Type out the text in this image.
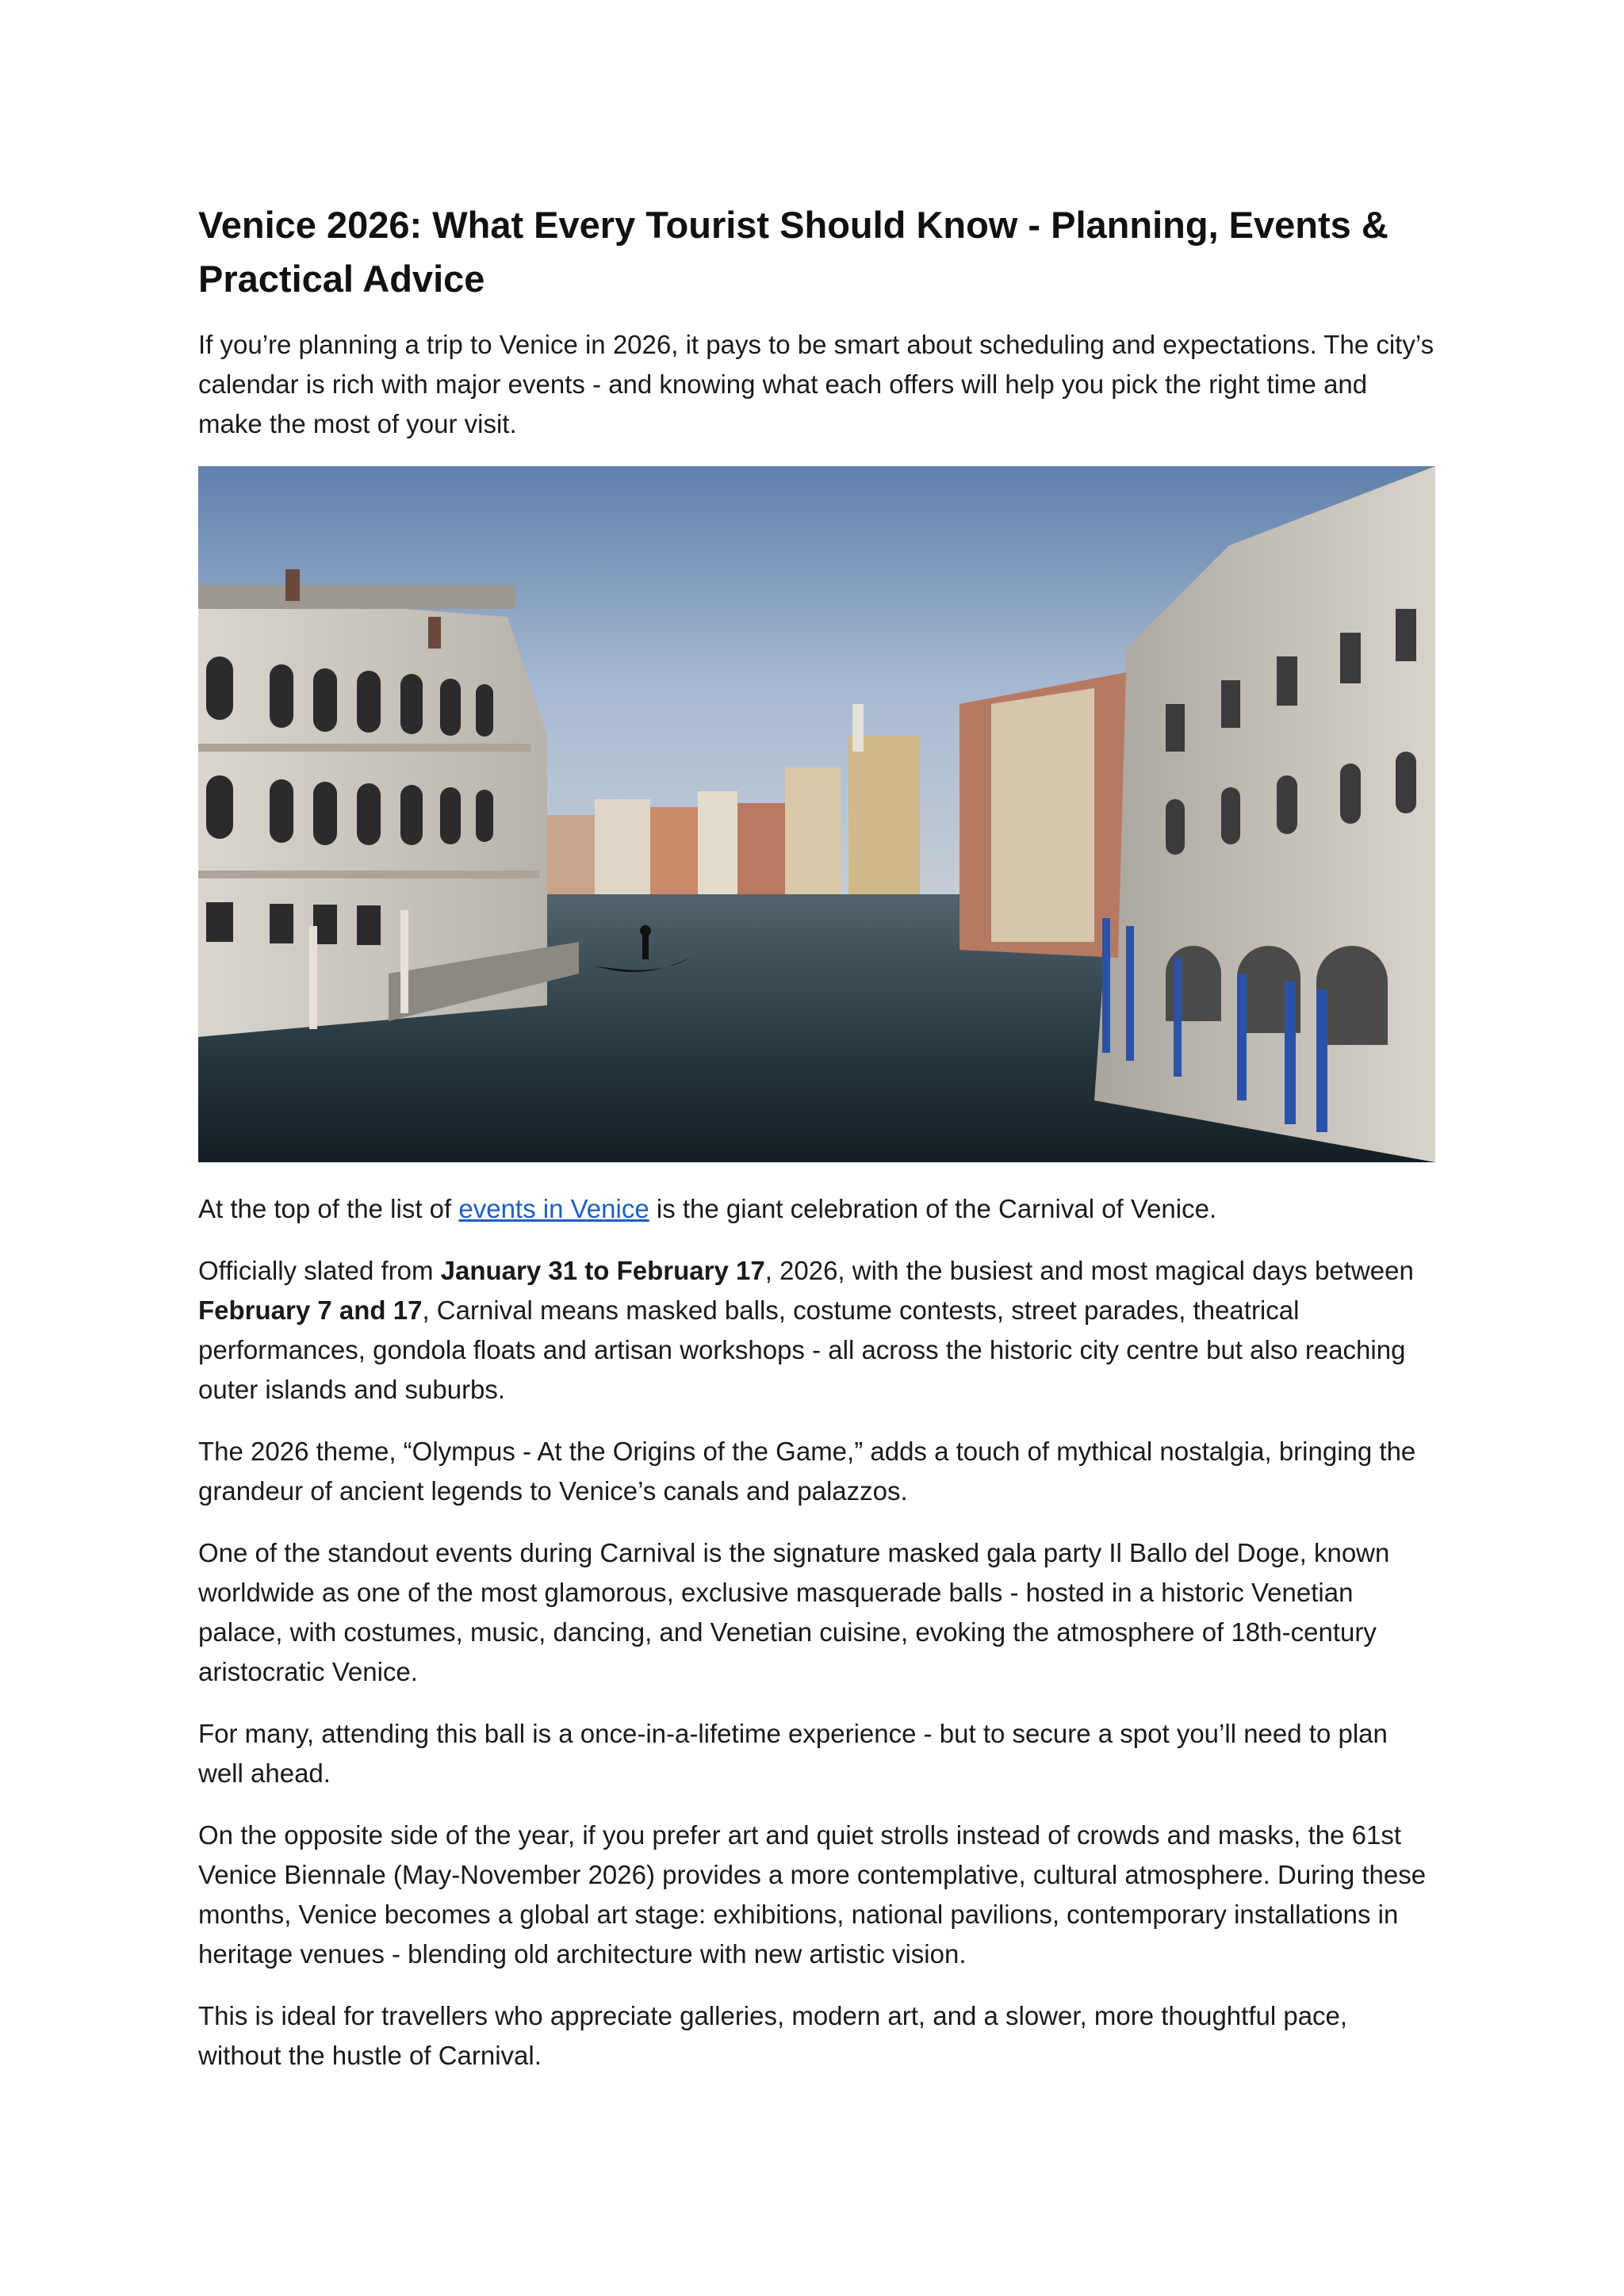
Venice 2026: What Every Tourist Should Know - Planning, Events & Practical Advice

If you’re planning a trip to Venice in 2026, it pays to be smart about scheduling and expectations. The city’s calendar is rich with major events - and knowing what each offers will help you pick the right time and make the most of your visit.

At the top of the list of events in Venice is the giant celebration of the Carnival of Venice.

Officially slated from January 31 to February 17, 2026, with the busiest and most magical days between February 7 and 17, Carnival means masked balls, costume contests, street parades, theatrical performances, gondola floats and artisan workshops - all across the historic city centre but also reaching outer islands and suburbs.

The 2026 theme, “Olympus - At the Origins of the Game,” adds a touch of mythical nostalgia, bringing the grandeur of ancient legends to Venice’s canals and palazzos.

One of the standout events during Carnival is the signature masked gala party Il Ballo del Doge, known worldwide as one of the most glamorous, exclusive masquerade balls - hosted in a historic Venetian palace, with costumes, music, dancing, and Venetian cuisine, evoking the atmosphere of 18th-century aristocratic Venice.

For many, attending this ball is a once-in-a-lifetime experience - but to secure a spot you’ll need to plan well ahead.

On the opposite side of the year, if you prefer art and quiet strolls instead of crowds and masks, the 61st Venice Biennale (May-November 2026) provides a more contemplative, cultural atmosphere. During these months, Venice becomes a global art stage: exhibitions, national pavilions, contemporary installations in heritage venues - blending old architecture with new artistic vision.

This is ideal for travellers who appreciate galleries, modern art, and a slower, more thoughtful pace, without the hustle of Carnival.
